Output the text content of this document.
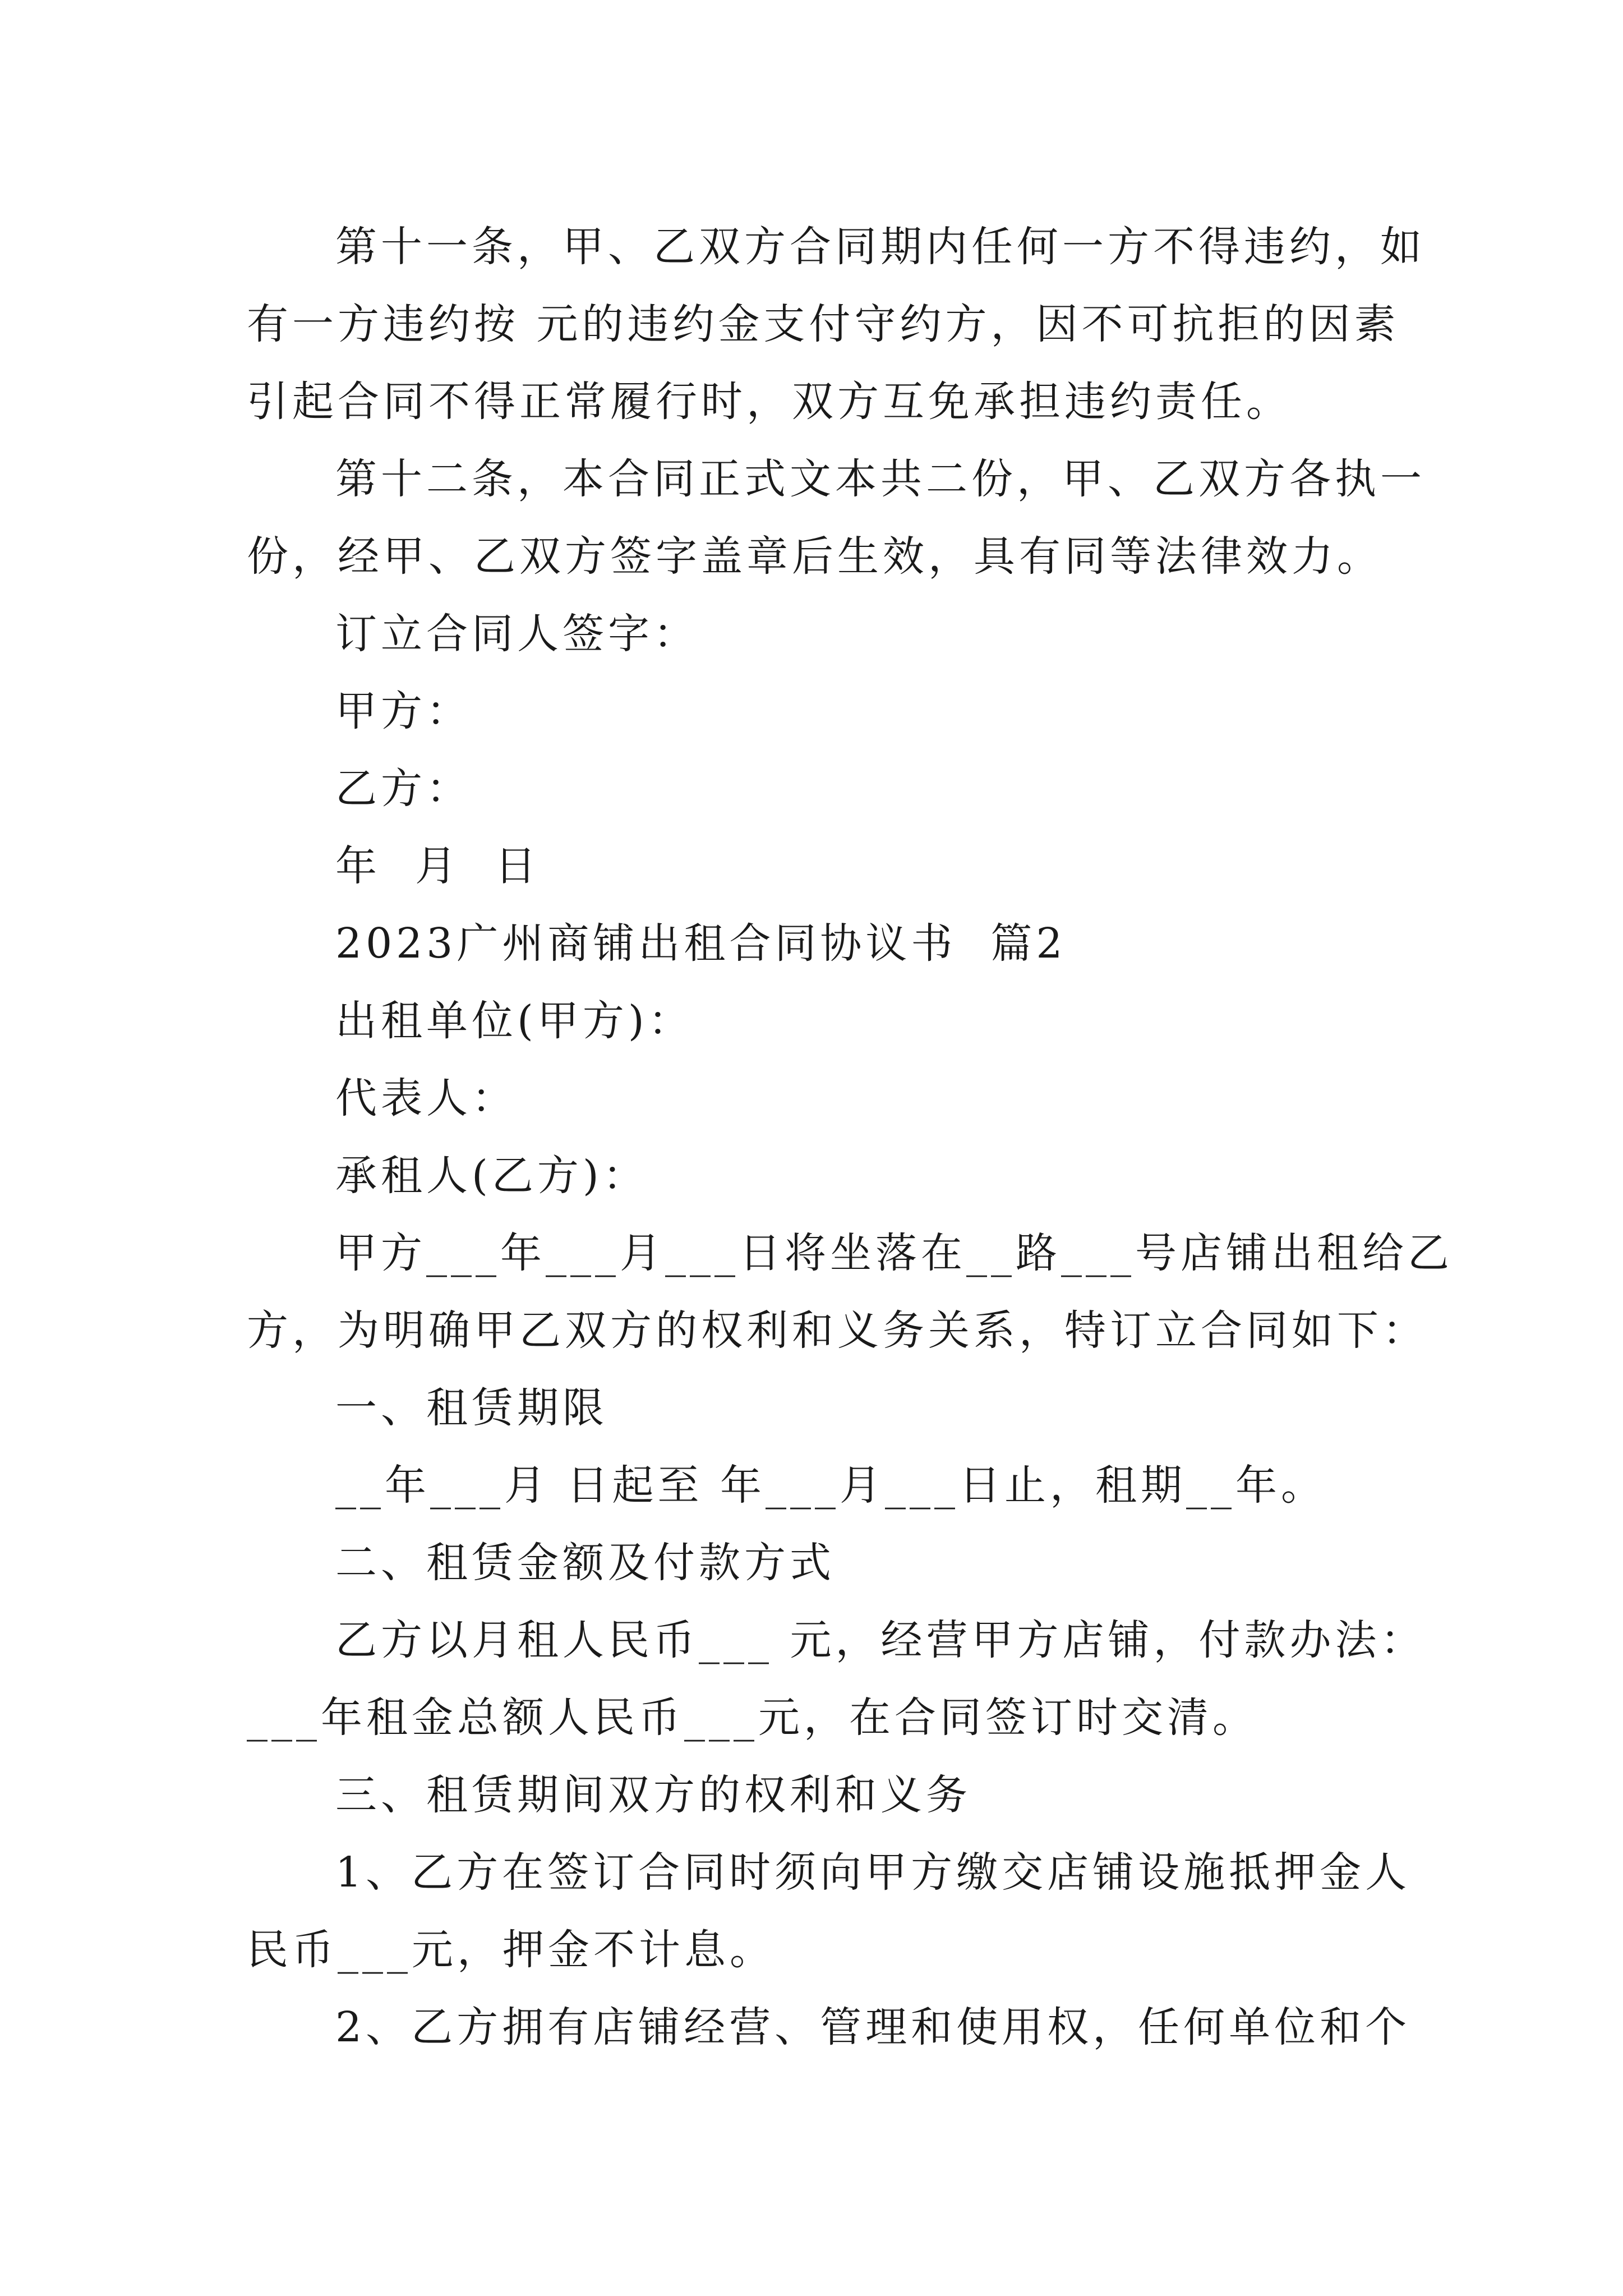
第十一条，甲、乙双方合同期内任何一方不得违约，如
有一方违约按 元的违约金支付守约方，因不可抗拒的因素
引起合同不得正常履行时，双方互免承担违约责任。
第十二条，本合同正式文本共二份，甲、乙双方各执一
份，经甲、乙双方签字盖章后生效，具有同等法律效力。
订立合同人签字：
甲方：
乙方：
年  月  日
2023广州商铺出租合同协议书  篇2
出租单位(甲方)：
代表人：
承租人(乙方)：
甲方___年___月___日将坐落在__路___号店铺出租给乙
方，为明确甲乙双方的权利和义务关系，特订立合同如下：
一、租赁期限
__年___月 日起至 年___月___日止，租期__年。
二、租赁金额及付款方式
乙方以月租人民币___ 元，经营甲方店铺，付款办法：
___年租金总额人民币___元，在合同签订时交清。
三、租赁期间双方的权利和义务
1、乙方在签订合同时须向甲方缴交店铺设施抵押金人
民币___元，押金不计息。
2、乙方拥有店铺经营、管理和使用权，任何单位和个
